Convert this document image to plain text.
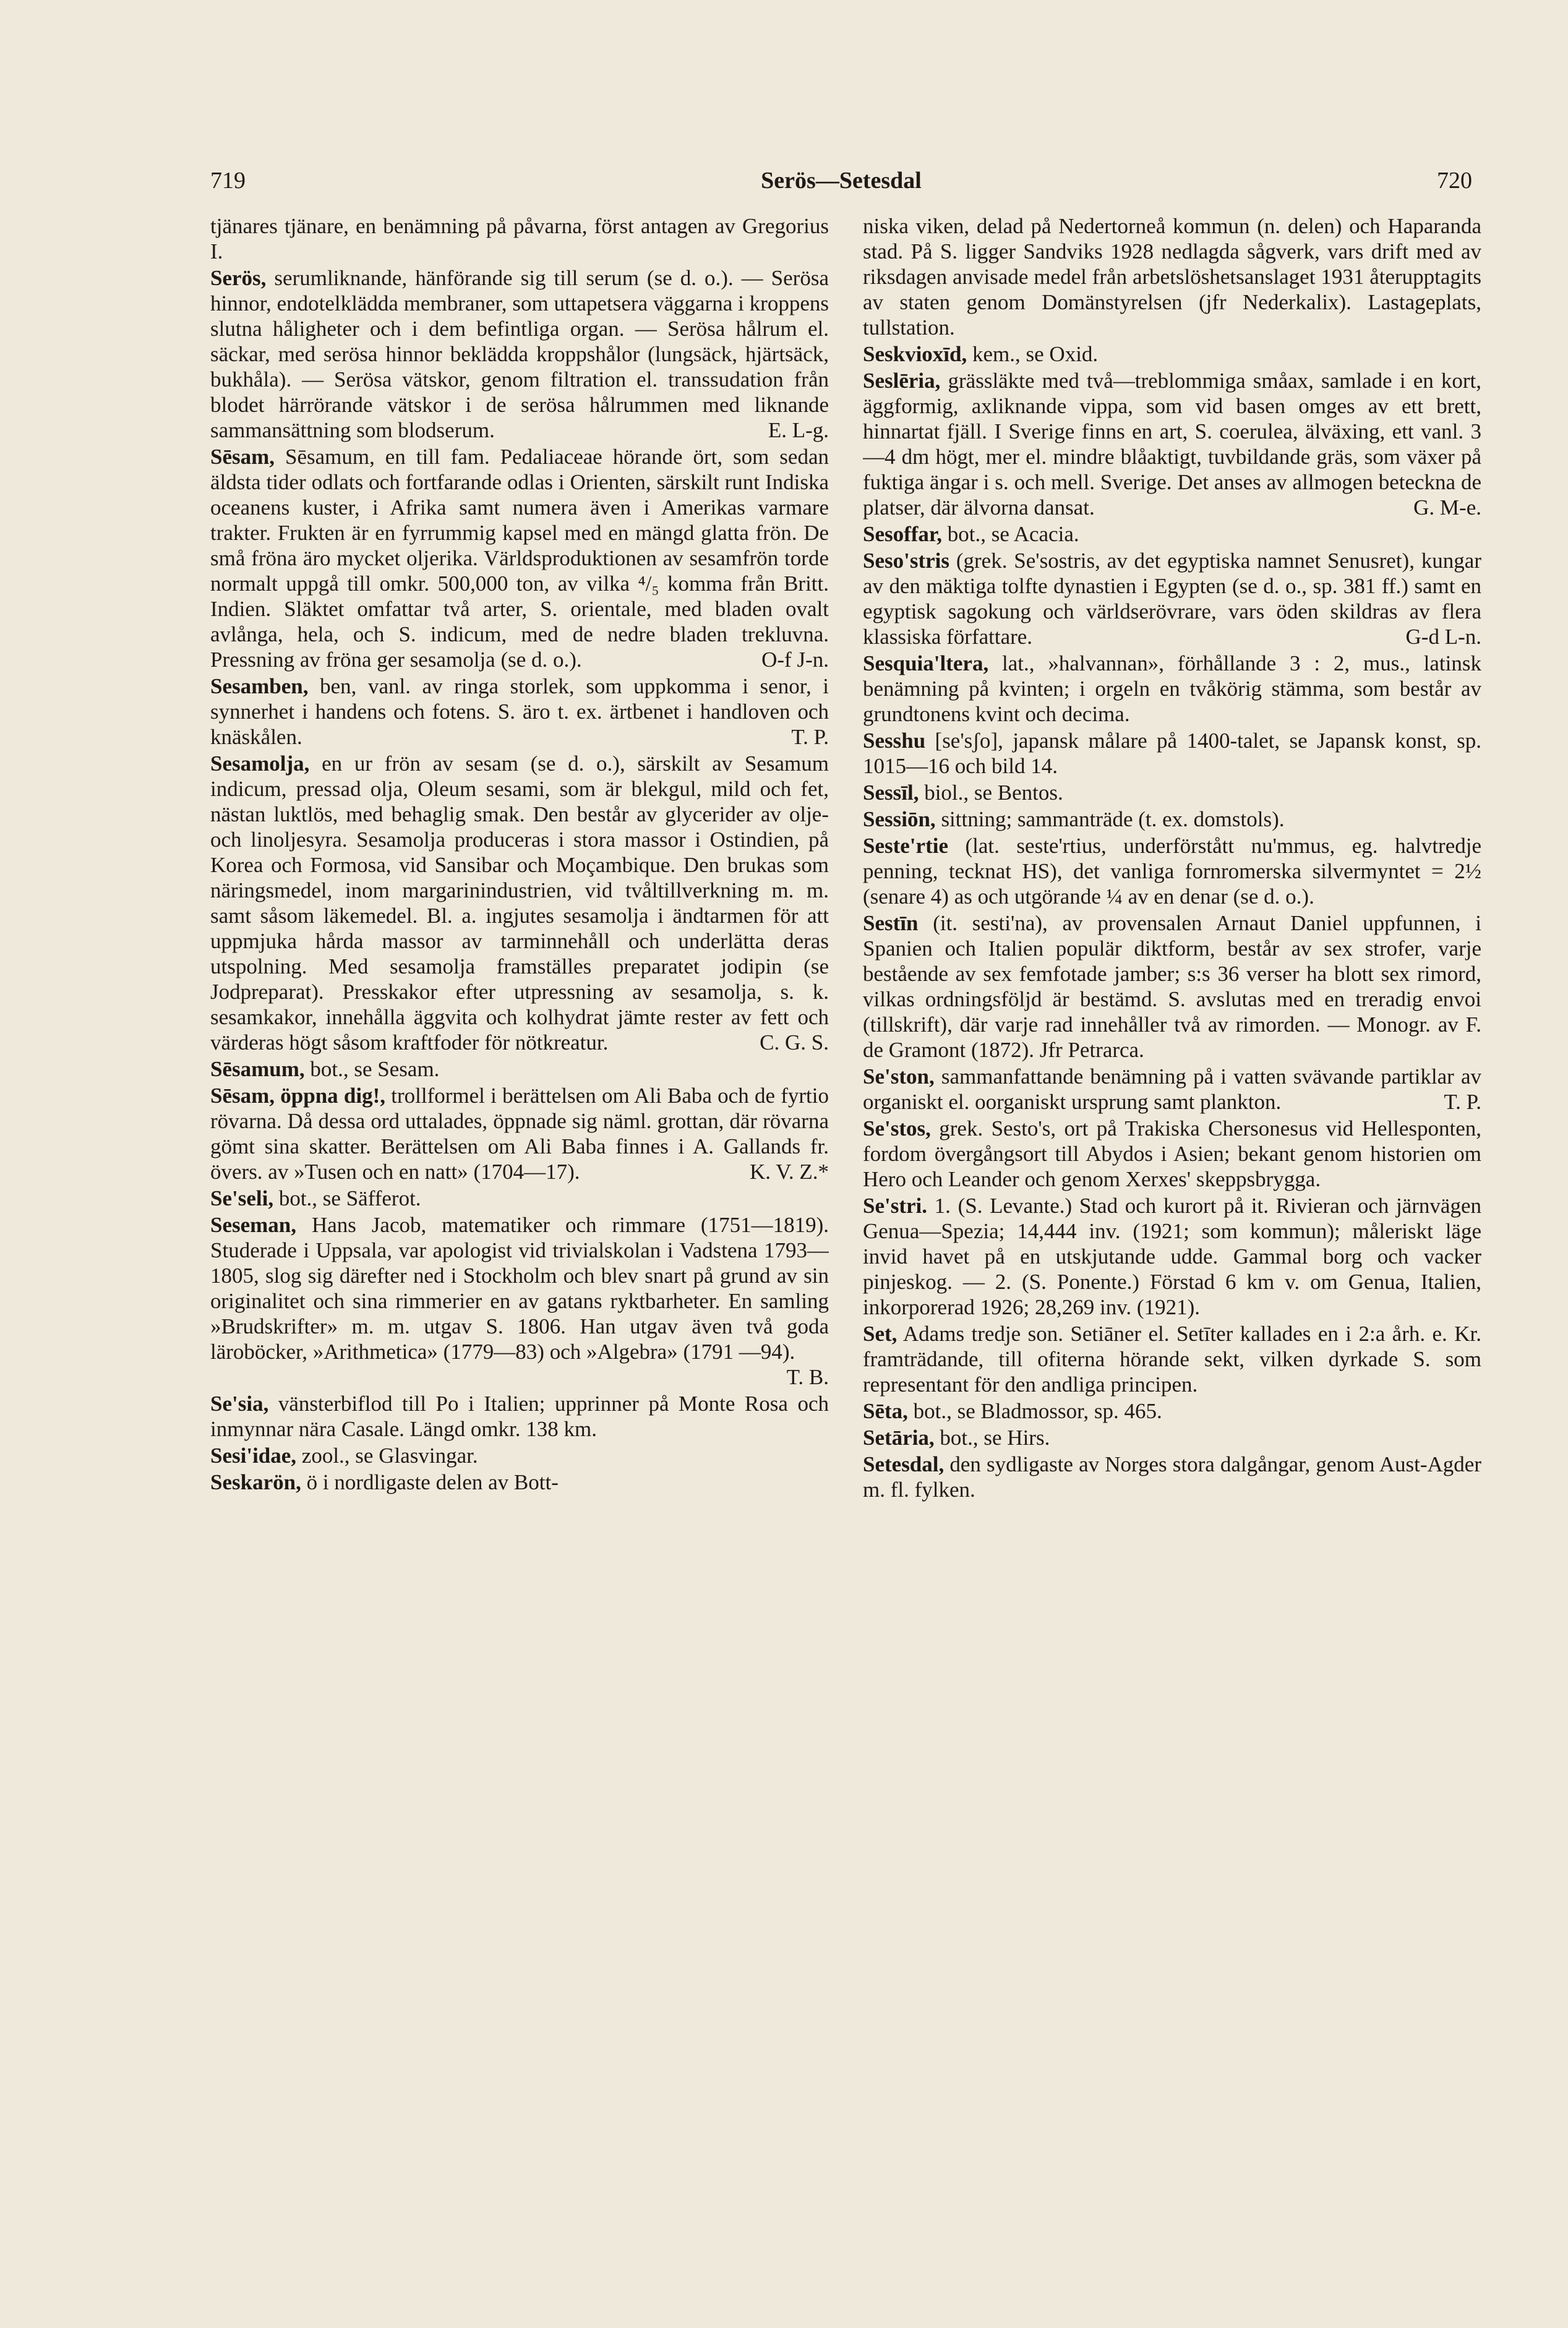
719	Serös—Setesdal	720

tjänares tjänare, en benämning på påvarna, först antagen av Gregorius I.

Serös, serumliknande, hänförande sig till serum (se d. o.). — Serösa hinnor, endotelklädda membraner, som uttapetsera väggarna i kroppens slutna håligheter och i dem befintliga organ. — Serösa hålrum el. säckar, med serösa hinnor beklädda kroppshålor (lungsäck, hjärtsäck, bukhåla). — Serösa vätskor, genom filtration el. transsudation från blodet härrörande vätskor i de serösa hålrummen med liknande sammansättning som blodserum.	E. L-g.

Sēsam, Sēsamum, en till fam. Pedaliaceae hörande ört, som sedan äldsta tider odlats och fortfarande odlas i Orienten, särskilt runt Indiska oceanens kuster, i Afrika samt numera även i Amerikas varmare trakter. Frukten är en fyrrummig kapsel med en mängd glatta frön. De små fröna äro mycket oljerika. Världsproduktionen av sesamfrön torde normalt uppgå till omkr. 500,000 ton, av vilka ⁴/₅ komma från Britt. Indien. Släktet omfattar två arter, S. orientale, med bladen ovalt avlånga, hela, och S. indicum, med de nedre bladen trekluvna. Pressning av fröna ger sesamolja (se d. o.).	O-f J-n.

Sesamben, ben, vanl. av ringa storlek, som uppkomma i senor, i synnerhet i handens och fotens. S. äro t. ex. ärtbenet i handloven och knäskålen.	T. P.

Sesamolja, en ur frön av sesam (se d. o.), särskilt av Sesamum indicum, pressad olja, Oleum sesami, som är blekgul, mild och fet, nästan luktlös, med behaglig smak. Den består av glycerider av olje- och linoljesyra. Sesamolja produceras i stora massor i Ostindien, på Korea och Formosa, vid Sansibar och Moçambique. Den brukas som näringsmedel, inom margarinindustrien, vid tvåltillverkning m. m. samt såsom läkemedel. Bl. a. ingjutes sesamolja i ändtarmen för att uppmjuka hårda massor av tarminnehåll och underlätta deras utspolning. Med sesamolja framställes preparatet jodipin (se Jodpreparat). Presskakor efter utpressning av sesamolja, s. k. sesamkakor, innehålla äggvita och kolhydrat jämte rester av fett och värderas högt såsom kraftfoder för nötkreatur.	C. G. S.

Sēsamum, bot., se Sesam.

Sēsam, öppna dig!, trollformel i berättelsen om Ali Baba och de fyrtio rövarna. Då dessa ord uttalades, öppnade sig näml. grottan, där rövarna gömt sina skatter. Berättelsen om Ali Baba finnes i A. Gallands fr. övers. av »Tusen och en natt» (1704—17).	K. V. Z.*

Se'seli, bot., se Säfferot.

Seseman, Hans Jacob, matematiker och rimmare (1751—1819). Studerade i Uppsala, var apologist vid trivialskolan i Vadstena 1793—1805, slog sig därefter ned i Stockholm och blev snart på grund av sin originalitet och sina rimmerier en av gatans ryktbarheter. En samling »Brudskrifter» m. m. utgav S. 1806. Han utgav även två goda läroböcker, »Arithmetica» (1779—83) och »Algebra» (1791 —94).
T. B.

Se'sia, vänsterbiflod till Po i Italien; upprinner på Monte Rosa och inmynnar nära Casale. Längd omkr. 138 km.

Sesi'idae, zool., se Glasvingar.

Seskarön, ö i nordligaste delen av Bott-

niska viken, delad på Nedertorneå kommun (n. delen) och Haparanda stad. På S. ligger Sandviks 1928 nedlagda sågverk, vars drift med av riksdagen anvisade medel från arbetslöshetsanslaget 1931 återupptagits av staten genom Domänstyrelsen (jfr Nederkalix). Lastageplats, tullstation.

Seskvioxīd, kem., se Oxid.

Seslēria, grässläkte med två—treblommiga småax, samlade i en kort, äggformig, axliknande vippa, som vid basen omges av ett brett, hinnartat fjäll. I Sverige finns en art, S. coerulea, älväxing, ett vanl. 3—4 dm högt, mer el. mindre blåaktigt, tuvbildande gräs, som växer på fuktiga ängar i s. och mell. Sverige. Det anses av allmogen beteckna de platser, där älvorna dansat.	G. M-e.

Sesoffar, bot., se Acacia.

Seso'stris (grek. Se'sostris, av det egyptiska namnet Senusret), kungar av den mäktiga tolfte dynastien i Egypten (se d. o., sp. 381 ff.) samt en egyptisk sagokung och världserövrare, vars öden skildras av flera klassiska författare.	G-d L-n.

Sesquia'ltera, lat., »halvannan», förhållande 3 : 2, mus., latinsk benämning på kvinten; i orgeln en tvåkörig stämma, som består av grundtonens kvint och decima.

Sesshu [se'sʃo], japansk målare på 1400-talet, se Japansk konst, sp. 1015—16 och bild 14.

Sessīl, biol., se Bentos.

Sessiōn, sittning; sammanträde (t. ex. domstols).

Seste'rtie (lat. seste'rtius, underförstått nu'mmus, eg. halvtredje penning, tecknat HS), det vanliga fornromerska silvermyntet = 2½ (senare 4) as och utgörande ¼ av en denar (se d. o.).

Sestīn (it. sesti'na), av provensalen Arnaut Daniel uppfunnen, i Spanien och Italien populär diktform, består av sex strofer, varje bestående av sex femfotade jamber; s:s 36 verser ha blott sex rimord, vilkas ordningsföljd är bestämd. S. avslutas med en treradig envoi (tillskrift), där varje rad innehåller två av rimorden. — Monogr. av F. de Gramont (1872). Jfr Petrarca.

Se'ston, sammanfattande benämning på i vatten svävande partiklar av organiskt el. oorganiskt ursprung samt plankton.	T. P.

Se'stos, grek. Sesto's, ort på Trakiska Chersonesus vid Hellesponten, fordom övergångsort till Abydos i Asien; bekant genom historien om Hero och Leander och genom Xerxes' skeppsbrygga.

Se'stri. 1. (S. Levante.) Stad och kurort på it. Rivieran och järnvägen Genua—Spezia; 14,444 inv. (1921; som kommun); måleriskt läge invid havet på en utskjutande udde. Gammal borg och vacker pinjeskog. — 2. (S. Ponente.) Förstad 6 km v. om Genua, Italien, inkorporerad 1926; 28,269 inv. (1921).

Set, Adams tredje son. Setiāner el. Setīter kallades en i 2:a årh. e. Kr. framträdande, till ofiterna hörande sekt, vilken dyrkade S. som representant för den andliga principen.

Sēta, bot., se Bladmossor, sp. 465.

Setāria, bot., se Hirs.

Setesdal, den sydligaste av Norges stora dalgångar, genom Aust-Agder m. fl. fylken.
